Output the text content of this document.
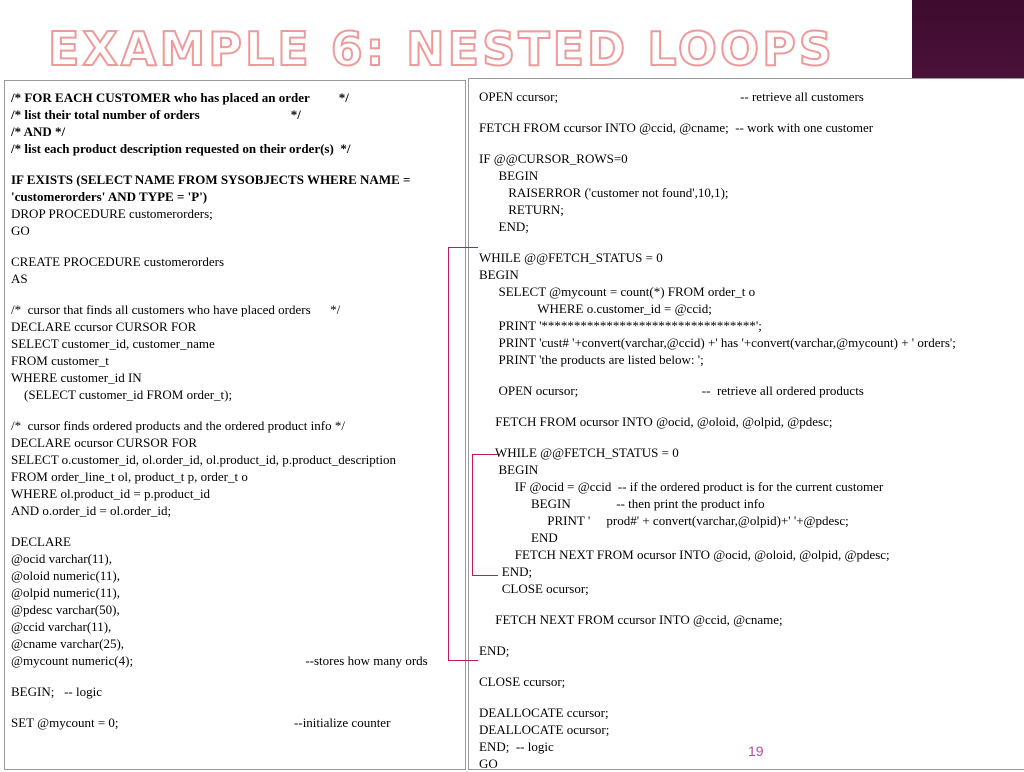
EXAMPLE 6: NESTED LOOPS
/* FOR EACH CUSTOMER who has placed an order         */
/* list their total number of orders                            */
/* AND */
/* list each product description requested on their order(s)  */
IF EXISTS (SELECT NAME FROM SYSOBJECTS WHERE NAME =
'customerorders' AND TYPE = 'P')
DROP PROCEDURE customerorders;
GO
CREATE PROCEDURE customerorders
AS
/*  cursor that finds all customers who have placed orders      */
DECLARE ccursor CURSOR FOR
SELECT customer_id, customer_name
FROM customer_t
WHERE customer_id IN
(SELECT customer_id FROM order_t);
/*  cursor finds ordered products and the ordered product info */
DECLARE ocursor CURSOR FOR
SELECT o.customer_id, ol.order_id, ol.product_id, p.product_description
FROM order_line_t ol, product_t p, order_t o
WHERE ol.product_id = p.product_id
AND o.order_id = ol.order_id;
DECLARE
@ocid varchar(11),
@oloid numeric(11),
@olpid numeric(11),
@pdesc varchar(50),
@ccid varchar(11),
@cname varchar(25),
@mycount numeric(4);                                                     --stores how many ords
BEGIN;   -- logic
SET @mycount = 0;                                                      --initialize counter
OPEN ccursor;                                                        -- retrieve all customers
FETCH FROM ccursor INTO @ccid, @cname;  -- work with one customer
IF @@CURSOR_ROWS=0
BEGIN
RAISERROR ('customer not found',10,1);
RETURN;
END;
WHILE @@FETCH_STATUS = 0
BEGIN
SELECT @mycount = count(*) FROM order_t o
WHERE o.customer_id = @ccid;
PRINT '*********************************';
PRINT 'cust# '+convert(varchar,@ccid) +' has '+convert(varchar,@mycount) + ' orders';
PRINT 'the products are listed below: ';
OPEN ocursor;                                      --  retrieve all ordered products
FETCH FROM ocursor INTO @ocid, @oloid, @olpid, @pdesc;
WHILE @@FETCH_STATUS = 0
BEGIN
IF @ocid = @ccid  -- if the ordered product is for the current customer
BEGIN              -- then print the product info
PRINT '     prod#' + convert(varchar,@olpid)+' '+@pdesc;
END
FETCH NEXT FROM ocursor INTO @ocid, @oloid, @olpid, @pdesc;
END;
CLOSE ocursor;
FETCH NEXT FROM ccursor INTO @ccid, @cname;
END;
CLOSE ccursor;
DEALLOCATE ccursor;
DEALLOCATE ocursor;
END;  -- logic
GO
19
